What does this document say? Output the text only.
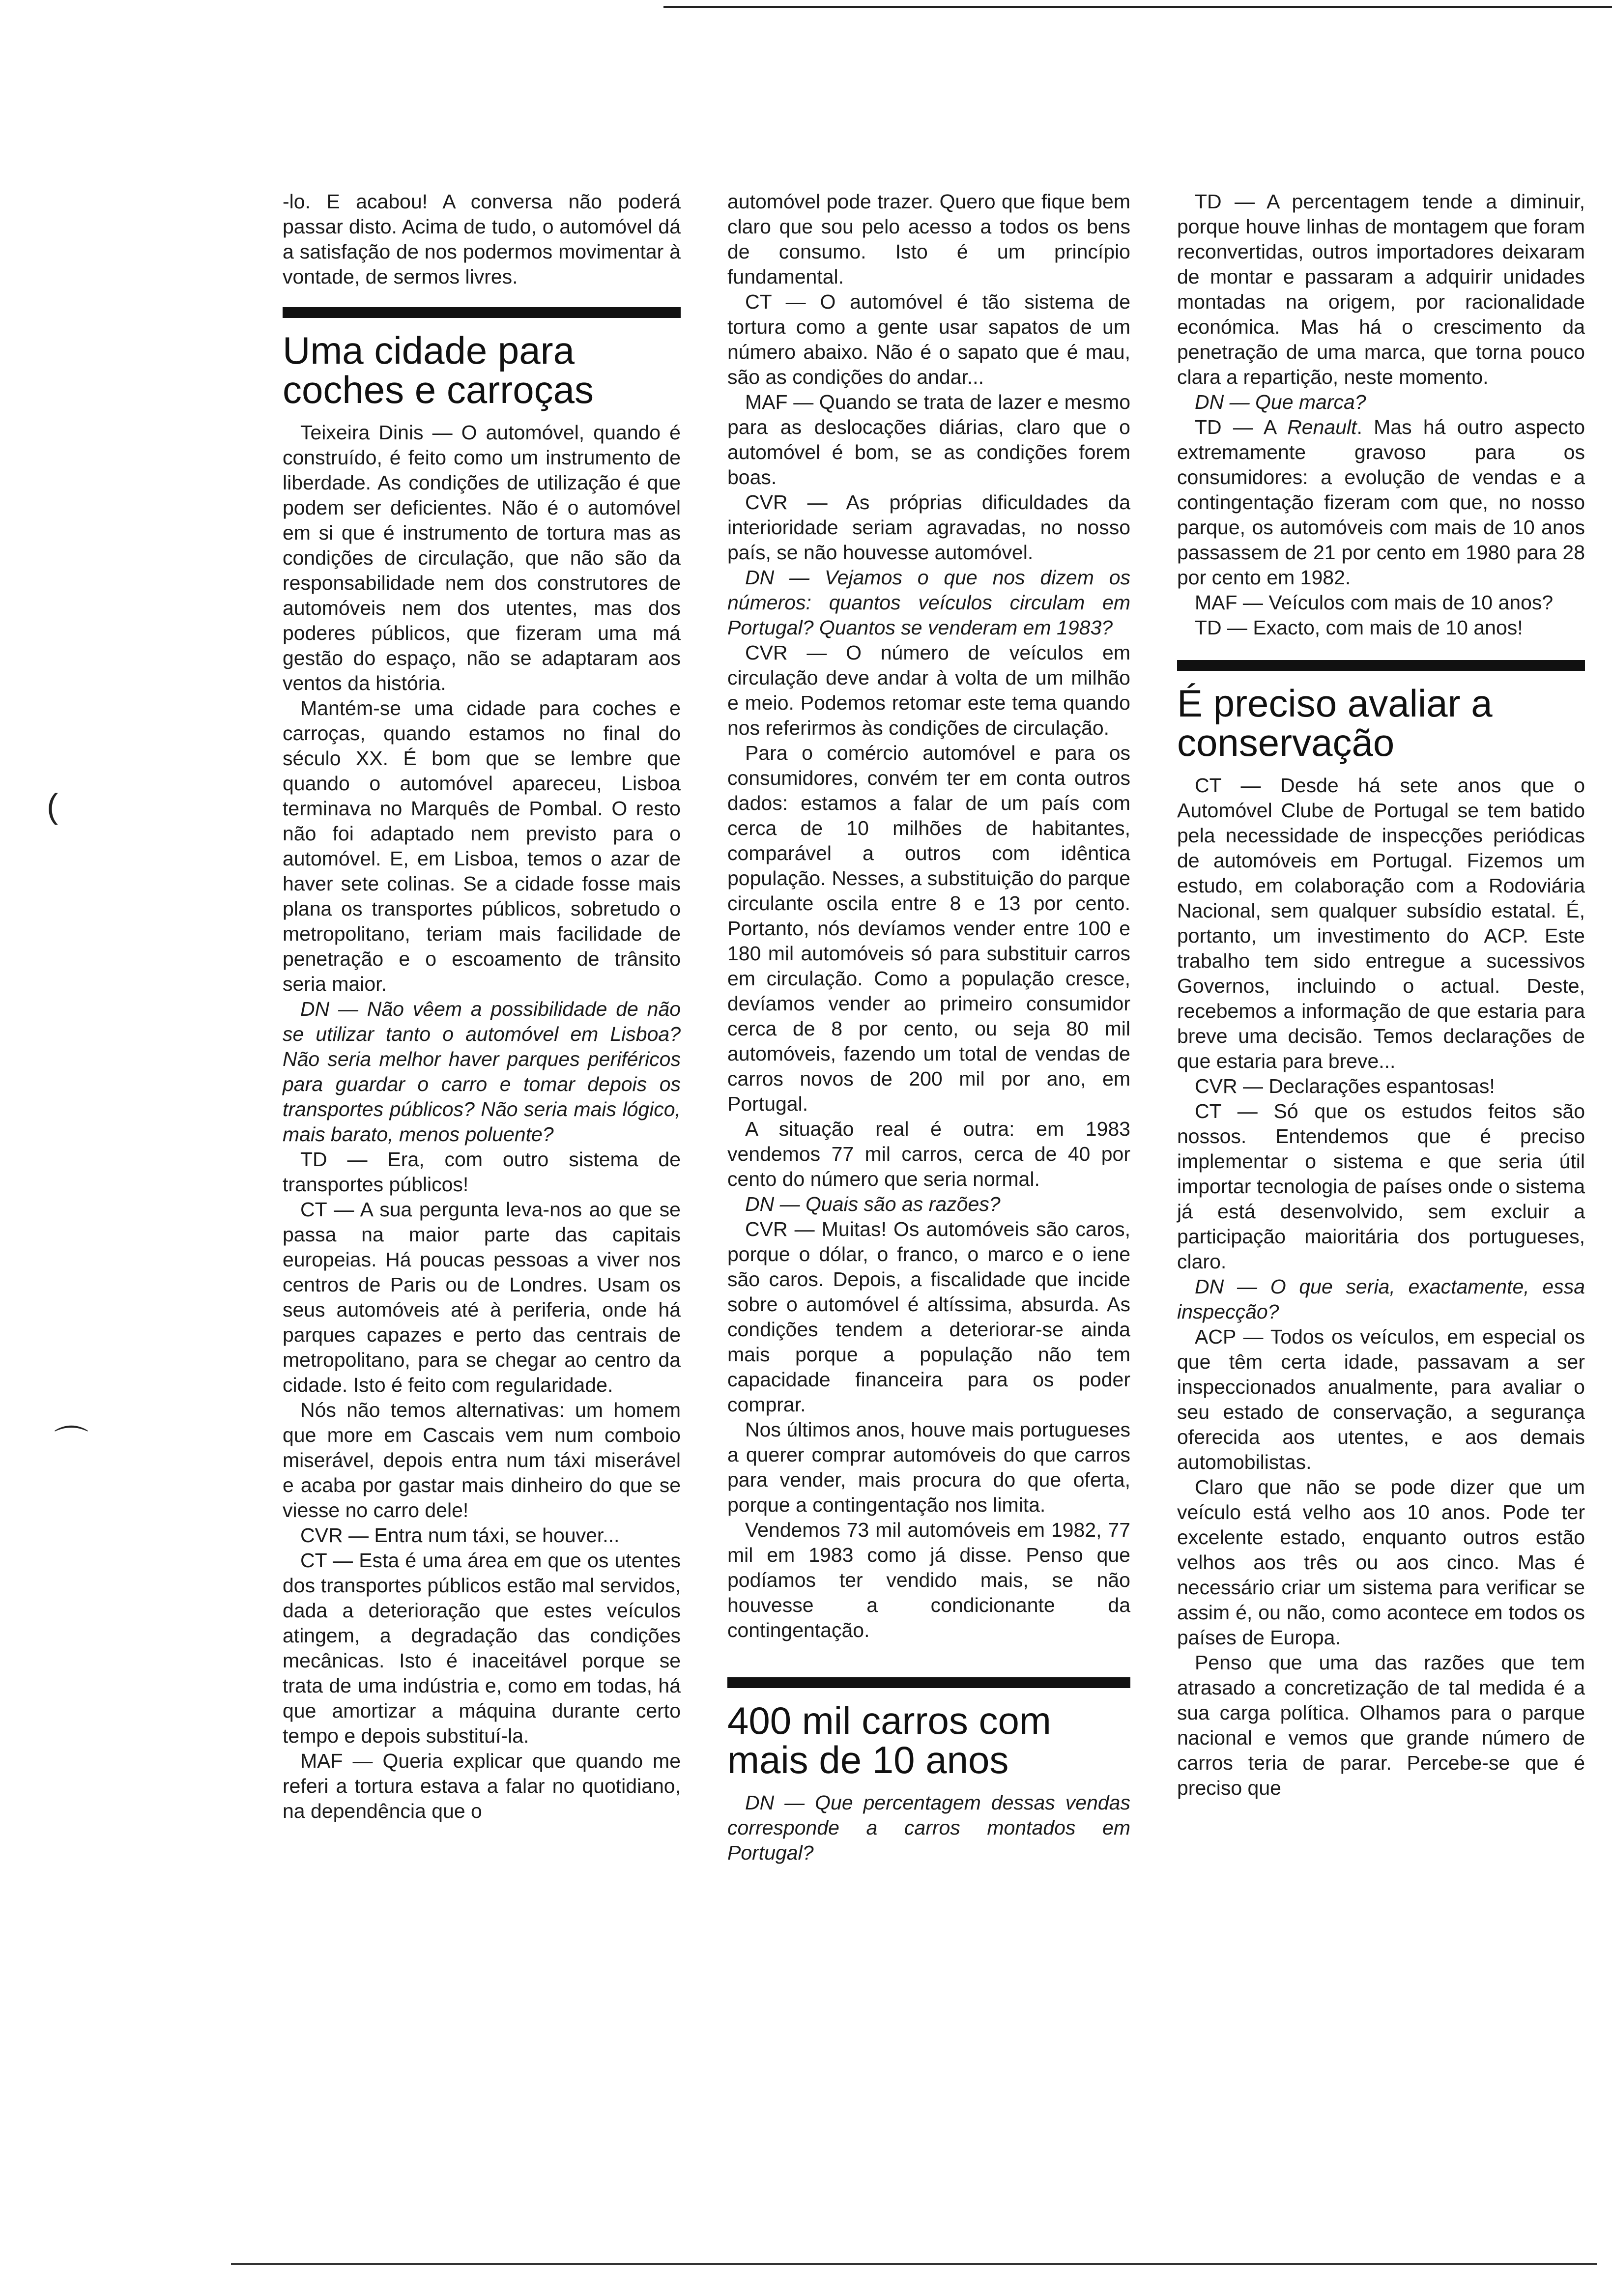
(
⌒

-lo. E acabou! A conversa não poderá passar disto. Acima de tudo, o automóvel dá a satisfação de nos podermos movimentar à vontade, de sermos livres.

Uma cidade para coches e carroças

Teixeira Dinis — O automóvel, quando é construído, é feito como um instrumento de liberdade. As condições de utilização é que podem ser deficientes. Não é o automóvel em si que é instrumento de tortura mas as condições de circulação, que não são da responsabilidade nem dos construtores de automóveis nem dos utentes, mas dos poderes públicos, que fizeram uma má gestão do espaço, não se adaptaram aos ventos da história.

Mantém-se uma cidade para coches e carroças, quando estamos no final do século XX. É bom que se lembre que quando o automóvel apareceu, Lisboa terminava no Marquês de Pombal. O resto não foi adaptado nem previsto para o automóvel. E, em Lisboa, temos o azar de haver sete colinas. Se a cidade fosse mais plana os transportes públicos, sobretudo o metropolitano, teriam mais facilidade de penetração e o escoamento de trânsito seria maior.

DN — Não vêem a possibilidade de não se utilizar tanto o automóvel em Lisboa? Não seria melhor haver parques periféricos para guardar o carro e tomar depois os transportes públicos? Não seria mais lógico, mais barato, menos poluente?

TD — Era, com outro sistema de transportes públicos!

CT — A sua pergunta leva-nos ao que se passa na maior parte das capitais europeias. Há poucas pessoas a viver nos centros de Paris ou de Londres. Usam os seus automóveis até à periferia, onde há parques capazes e perto das centrais de metropolitano, para se chegar ao centro da cidade. Isto é feito com regularidade.

Nós não temos alternativas: um homem que more em Cascais vem num comboio miserável, depois entra num táxi miserável e acaba por gastar mais dinheiro do que se viesse no carro dele!

CVR — Entra num táxi, se houver...

CT — Esta é uma área em que os utentes dos transportes públicos estão mal servidos, dada a deterioração que estes veículos atingem, a degradação das condições mecânicas. Isto é inaceitável porque se trata de uma indústria e, como em todas, há que amortizar a máquina durante certo tempo e depois substituí-la.

MAF — Queria explicar que quando me referi a tortura estava a falar no quotidiano, na dependência que o

automóvel pode trazer. Quero que fique bem claro que sou pelo acesso a todos os bens de consumo. Isto é um princípio fundamental.

CT — O automóvel é tão sistema de tortura como a gente usar sapatos de um número abaixo. Não é o sapato que é mau, são as condições do andar...

MAF — Quando se trata de lazer e mesmo para as deslocações diárias, claro que o automóvel é bom, se as condições forem boas.

CVR — As próprias dificuldades da interioridade seriam agravadas, no nosso país, se não houvesse automóvel.

DN — Vejamos o que nos dizem os números: quantos veículos circulam em Portugal? Quantos se venderam em 1983?

CVR — O número de veículos em circulação deve andar à volta de um milhão e meio. Podemos retomar este tema quando nos referirmos às condições de circulação.

Para o comércio automóvel e para os consumidores, convém ter em conta outros dados: estamos a falar de um país com cerca de 10 milhões de habitantes, comparável a outros com idêntica população. Nesses, a substituição do parque circulante oscila entre 8 e 13 por cento. Portanto, nós devíamos vender entre 100 e 180 mil automóveis só para substituir carros em circulação. Como a população cresce, devíamos vender ao primeiro consumidor cerca de 8 por cento, ou seja 80 mil automóveis, fazendo um total de vendas de carros novos de 200 mil por ano, em Portugal.

A situação real é outra: em 1983 vendemos 77 mil carros, cerca de 40 por cento do número que seria normal.

DN — Quais são as razões?

CVR — Muitas! Os automóveis são caros, porque o dólar, o franco, o marco e o iene são caros. Depois, a fiscalidade que incide sobre o automóvel é altíssima, absurda. As condições tendem a deteriorar-se ainda mais porque a população não tem capacidade financeira para os poder comprar.

Nos últimos anos, houve mais portugueses a querer comprar automóveis do que carros para vender, mais procura do que oferta, porque a contingentação nos limita.

Vendemos 73 mil automóveis em 1982, 77 mil em 1983 como já disse. Penso que podíamos ter vendido mais, se não houvesse a condicionante da contingentação.

400 mil carros com mais de 10 anos

DN — Que percentagem dessas vendas corresponde a carros montados em Portugal?

TD — A percentagem tende a diminuir, porque houve linhas de montagem que foram reconvertidas, outros importadores deixaram de montar e passaram a adquirir unidades montadas na origem, por racionalidade económica. Mas há o crescimento da penetração de uma marca, que torna pouco clara a repartição, neste momento.

DN — Que marca?

TD — A Renault. Mas há outro aspecto extremamente gravoso para os consumidores: a evolução de vendas e a contingentação fizeram com que, no nosso parque, os automóveis com mais de 10 anos passassem de 21 por cento em 1980 para 28 por cento em 1982.

MAF — Veículos com mais de 10 anos?

TD — Exacto, com mais de 10 anos!

É preciso avaliar a conservação

CT — Desde há sete anos que o Automóvel Clube de Portugal se tem batido pela necessidade de inspecções periódicas de automóveis em Portugal. Fizemos um estudo, em colaboração com a Rodoviária Nacional, sem qualquer subsídio estatal. É, portanto, um investimento do ACP. Este trabalho tem sido entregue a sucessivos Governos, incluindo o actual. Deste, recebemos a informação de que estaria para breve uma decisão. Temos declarações de que estaria para breve...

CVR — Declarações espantosas!

CT — Só que os estudos feitos são nossos. Entendemos que é preciso implementar o sistema e que seria útil importar tecnologia de países onde o sistema já está desenvolvido, sem excluir a participação maioritária dos portugueses, claro.

DN — O que seria, exactamente, essa inspecção?

ACP — Todos os veículos, em especial os que têm certa idade, passavam a ser inspeccionados anualmente, para avaliar o seu estado de conservação, a segurança oferecida aos utentes, e aos demais automobilistas.

Claro que não se pode dizer que um veículo está velho aos 10 anos. Pode ter excelente estado, enquanto outros estão velhos aos três ou aos cinco. Mas é necessário criar um sistema para verificar se assim é, ou não, como acontece em todos os países de Europa.

Penso que uma das razões que tem atrasado a concretização de tal medida é a sua carga política. Olhamos para o parque nacional e vemos que grande número de carros teria de parar. Percebe-se que é preciso que
